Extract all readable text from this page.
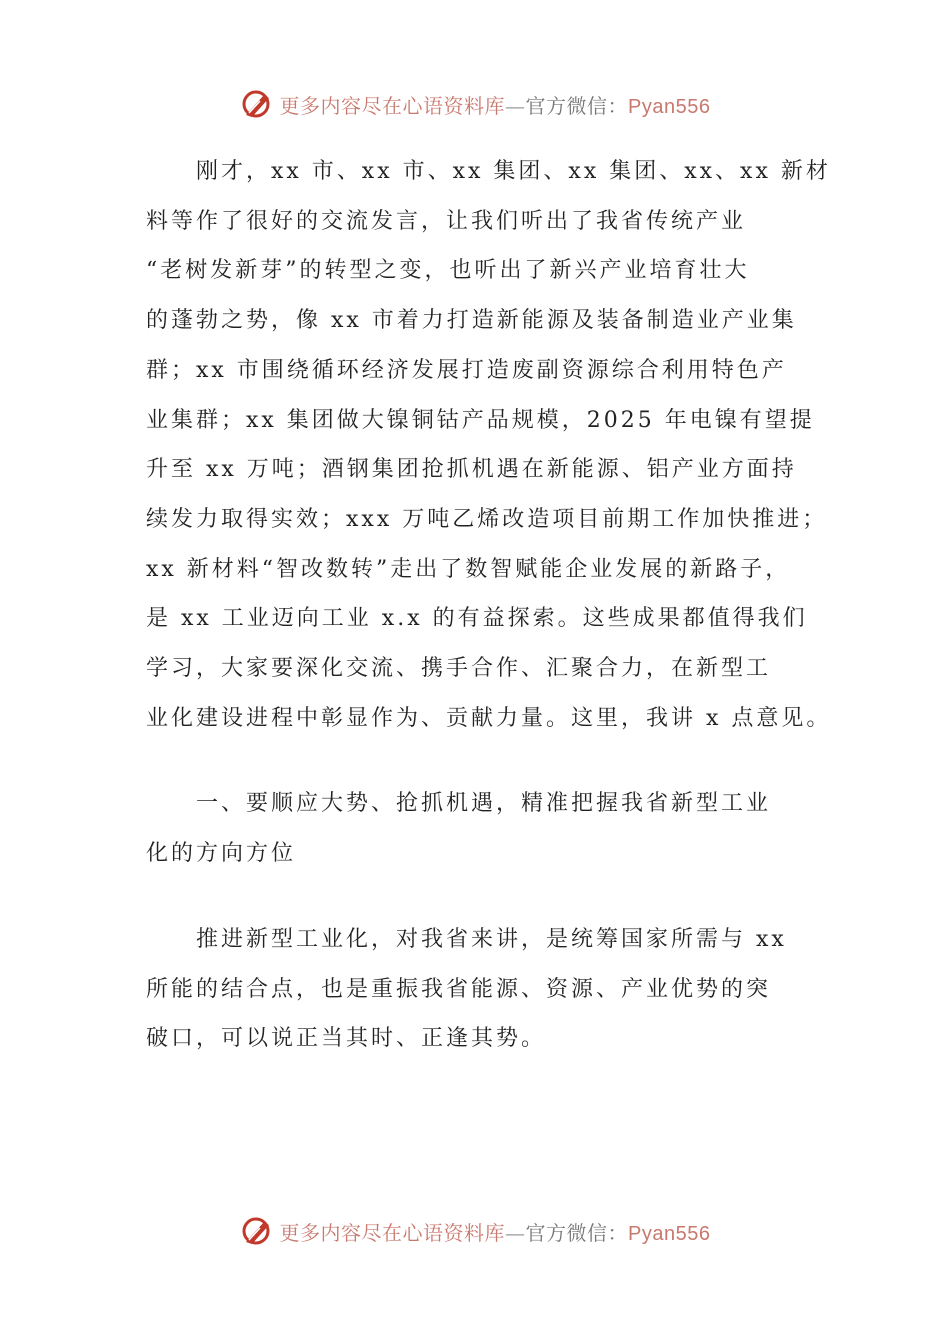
更多内容尽在心语资料库—官方微信：Pyan556

刚才，xx 市、xx 市、xx 集团、xx 集团、xx、xx 新材
料等作了很好的交流发言，让我们听出了我省传统产业
“老树发新芽”的转型之变，也听出了新兴产业培育壮大
的蓬勃之势，像 xx 市着力打造新能源及装备制造业产业集
群；xx 市围绕循环经济发展打造废副资源综合利用特色产
业集群；xx 集团做大镍铜钴产品规模，2025 年电镍有望提
升至 xx 万吨；酒钢集团抢抓机遇在新能源、铝产业方面持
续发力取得实效；xxx 万吨乙烯改造项目前期工作加快推进；
xx 新材料“智改数转”走出了数智赋能企业发展的新路子，
是 xx 工业迈向工业 x.x 的有益探索。这些成果都值得我们
学习，大家要深化交流、携手合作、汇聚合力，在新型工
业化建设进程中彰显作为、贡献力量。这里，我讲 x 点意见。

一、要顺应大势、抢抓机遇，精准把握我省新型工业
化的方向方位

推进新型工业化，对我省来讲，是统筹国家所需与 xx
所能的结合点，也是重振我省能源、资源、产业优势的突
破口，可以说正当其时、正逢其势。

更多内容尽在心语资料库—官方微信：Pyan556
